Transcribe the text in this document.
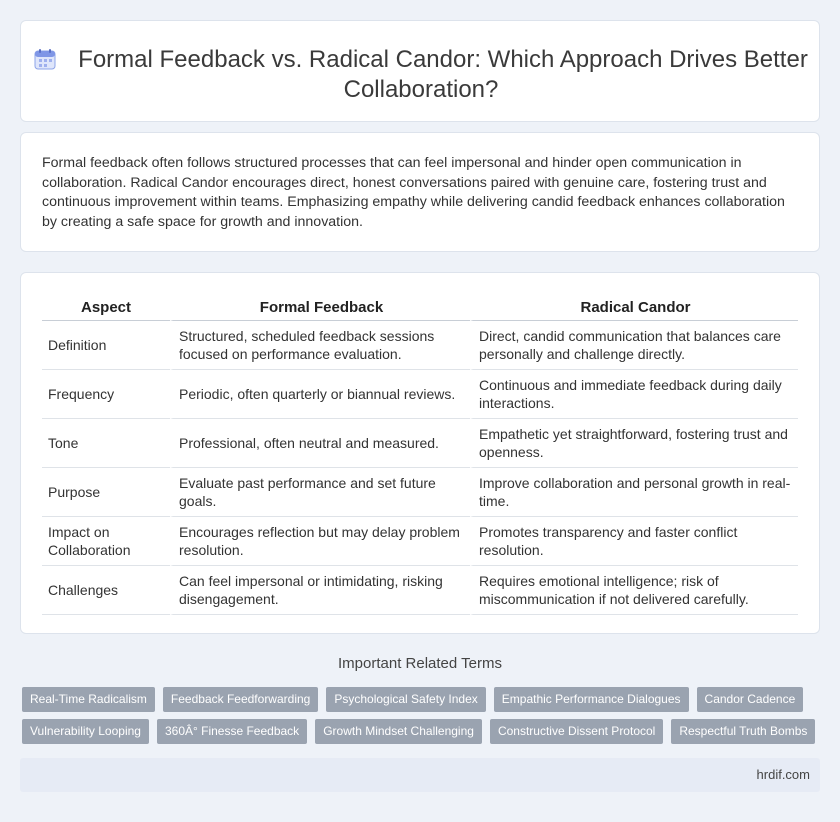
Formal Feedback vs. Radical Candor: Which Approach Drives Better Collaboration?

Formal feedback often follows structured processes that can feel impersonal and hinder open communication in collaboration. Radical Candor encourages direct, honest conversations paired with genuine care, fostering trust and continuous improvement within teams. Emphasizing empathy while delivering candid feedback enhances collaboration by creating a safe space for growth and innovation.

Aspect	Formal Feedback	Radical Candor
Definition	Structured, scheduled feedback sessions focused on performance evaluation.	Direct, candid communication that balances care personally and challenge directly.
Frequency	Periodic, often quarterly or biannual reviews.	Continuous and immediate feedback during daily interactions.
Tone	Professional, often neutral and measured.	Empathetic yet straightforward, fostering trust and openness.
Purpose	Evaluate past performance and set future goals.	Improve collaboration and personal growth in real-time.
Impact on Collaboration	Encourages reflection but may delay problem resolution.	Promotes transparency and faster conflict resolution.
Challenges	Can feel impersonal or intimidating, risking disengagement.	Requires emotional intelligence; risk of miscommunication if not delivered carefully.
Important Related Terms
Real-Time Radicalism	Feedback Feedforwarding	Psychological Safety Index	Empathic Performance Dialogues	Candor Cadence
Vulnerability Looping	360Â° Finesse Feedback	Growth Mindset Challenging	Constructive Dissent Protocol	Respectful Truth Bombs
hrdif.com
